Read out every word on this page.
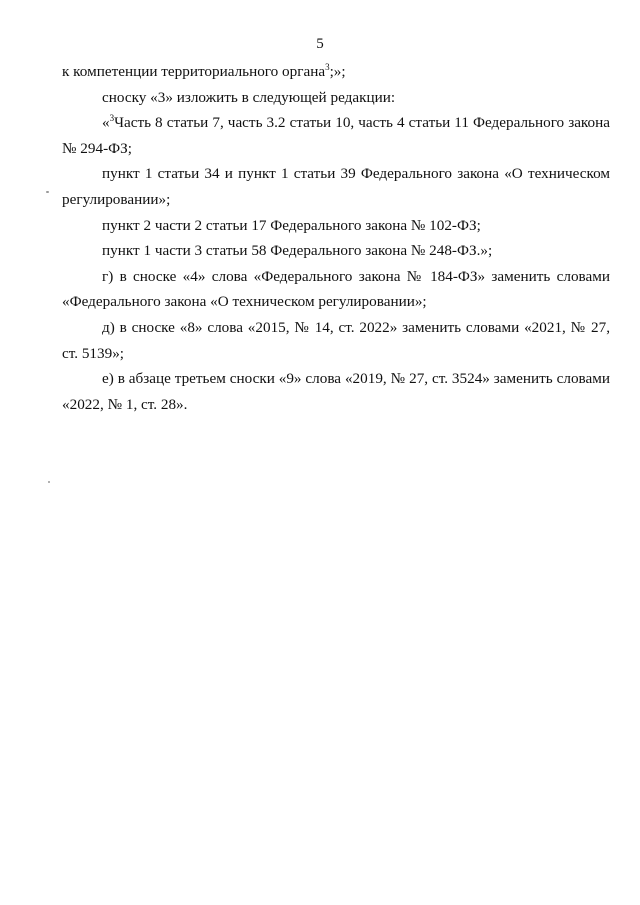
5

к компетенции территориального органа$^3$;»;

сноску «3» изложить в следующей редакции:

«$^3$Часть 8 статьи 7, часть 3.2 статьи 10, часть 4 статьи 11 Федерального закона № 294-ФЗ;

пункт 1 статьи 34 и пункт 1 статьи 39 Федерального закона «О техническом регулировании»;

пункт 2 части 2 статьи 17 Федерального закона № 102-ФЗ;

пункт 1 части 3 статьи 58 Федерального закона № 248-ФЗ.»;

г) в сноске «4» слова «Федерального закона № 184-ФЗ» заменить словами «Федерального закона «О техническом регулировании»;

д) в сноске «8» слова «2015, № 14, ст. 2022» заменить словами «2021, № 27, ст. 5139»;

е) в абзаце третьем сноски «9» слова «2019, № 27, ст. 3524» заменить словами «2022, № 1, ст. 28».
